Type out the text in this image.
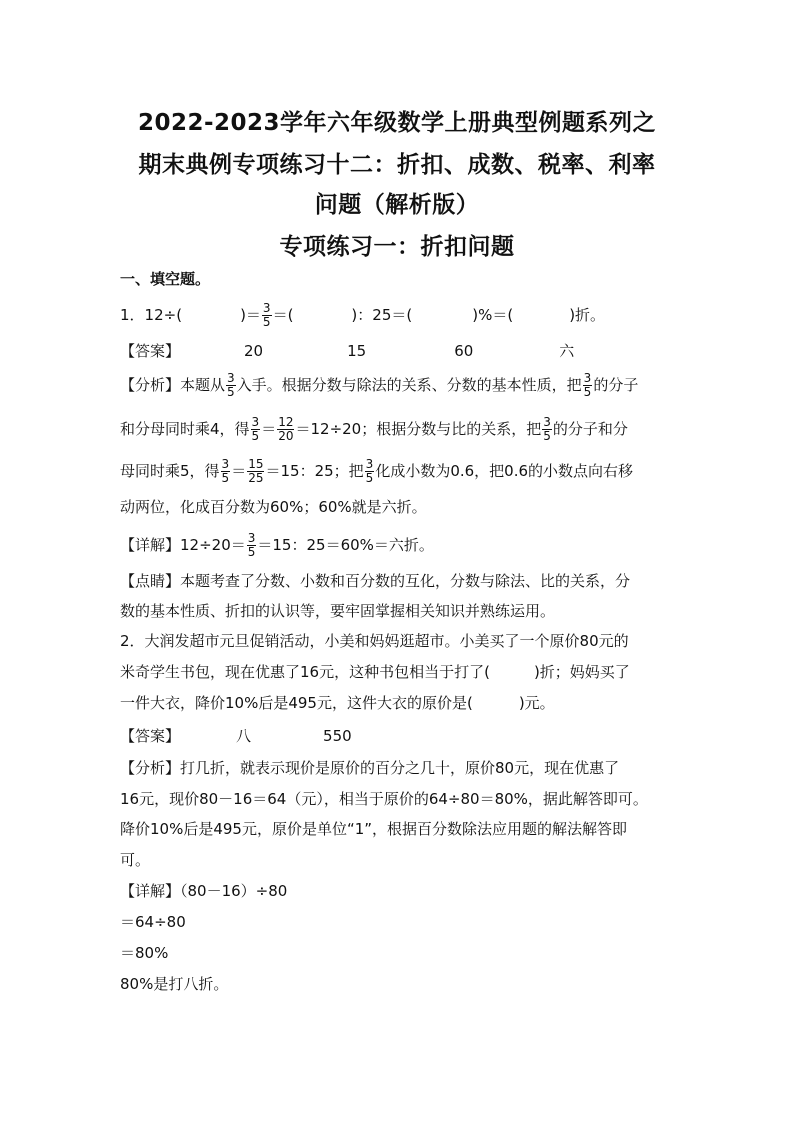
2022-2023学年六年级数学上册典型例题系列之
期末典例专项练习十二：折扣、成数、税率、利率
问题（解析版）
专项练习一：折扣问题
一、填空题。
1．12÷(	)＝ $\frac{3}{5}$ ＝(	)：25＝(	)%＝(	)折。
【答案】	20	15	60	六
【分析】本题从 $\frac{3}{5}$ 入手。根据分数与除法的关系、分数的基本性质，把 $\frac{3}{5}$ 的分子
和分母同时乘4，得 $\frac{3}{5} = \frac{12}{20} =12\div 20$；根据分数与比的关系，把 $\frac{3}{5}$ 的分子和分
母同时乘5，得 $\frac{3}{5} = \frac{15}{25} =15$：25；把 $\frac{3}{5}$ 化成小数为0.6，把0.6的小数点向右移
动两位，化成百分数为60%；60%就是六折。
【详解】$12\div 20= \frac{3}{5} =15$：25＝60%＝六折。
【点睛】本题考查了分数、小数和百分数的互化，分数与除法、比的关系，分
数的基本性质、折扣的认识等，要牢固掌握相关知识并熟练运用。
2．大润发超市元旦促销活动，小美和妈妈逛超市。小美买了一个原价80元的
米奇学生书包，现在优惠了16元，这种书包相当于打了(	)折；妈妈买了
一件大衣，降价10%后是495元，这件大衣的原价是(	)元。
【答案】	八	550
【分析】打几折，就表示现价是原价的百分之几十，原价80元，现在优惠了
16元，现价80－16＝64（元），相当于原价的64÷80＝80%，据此解答即可。
降价10%后是495元，原价是单位“1”，根据百分数除法应用题的解法解答即
可。
【详解】（80－16）÷80
＝64÷80
＝80%
80%是打八折。
